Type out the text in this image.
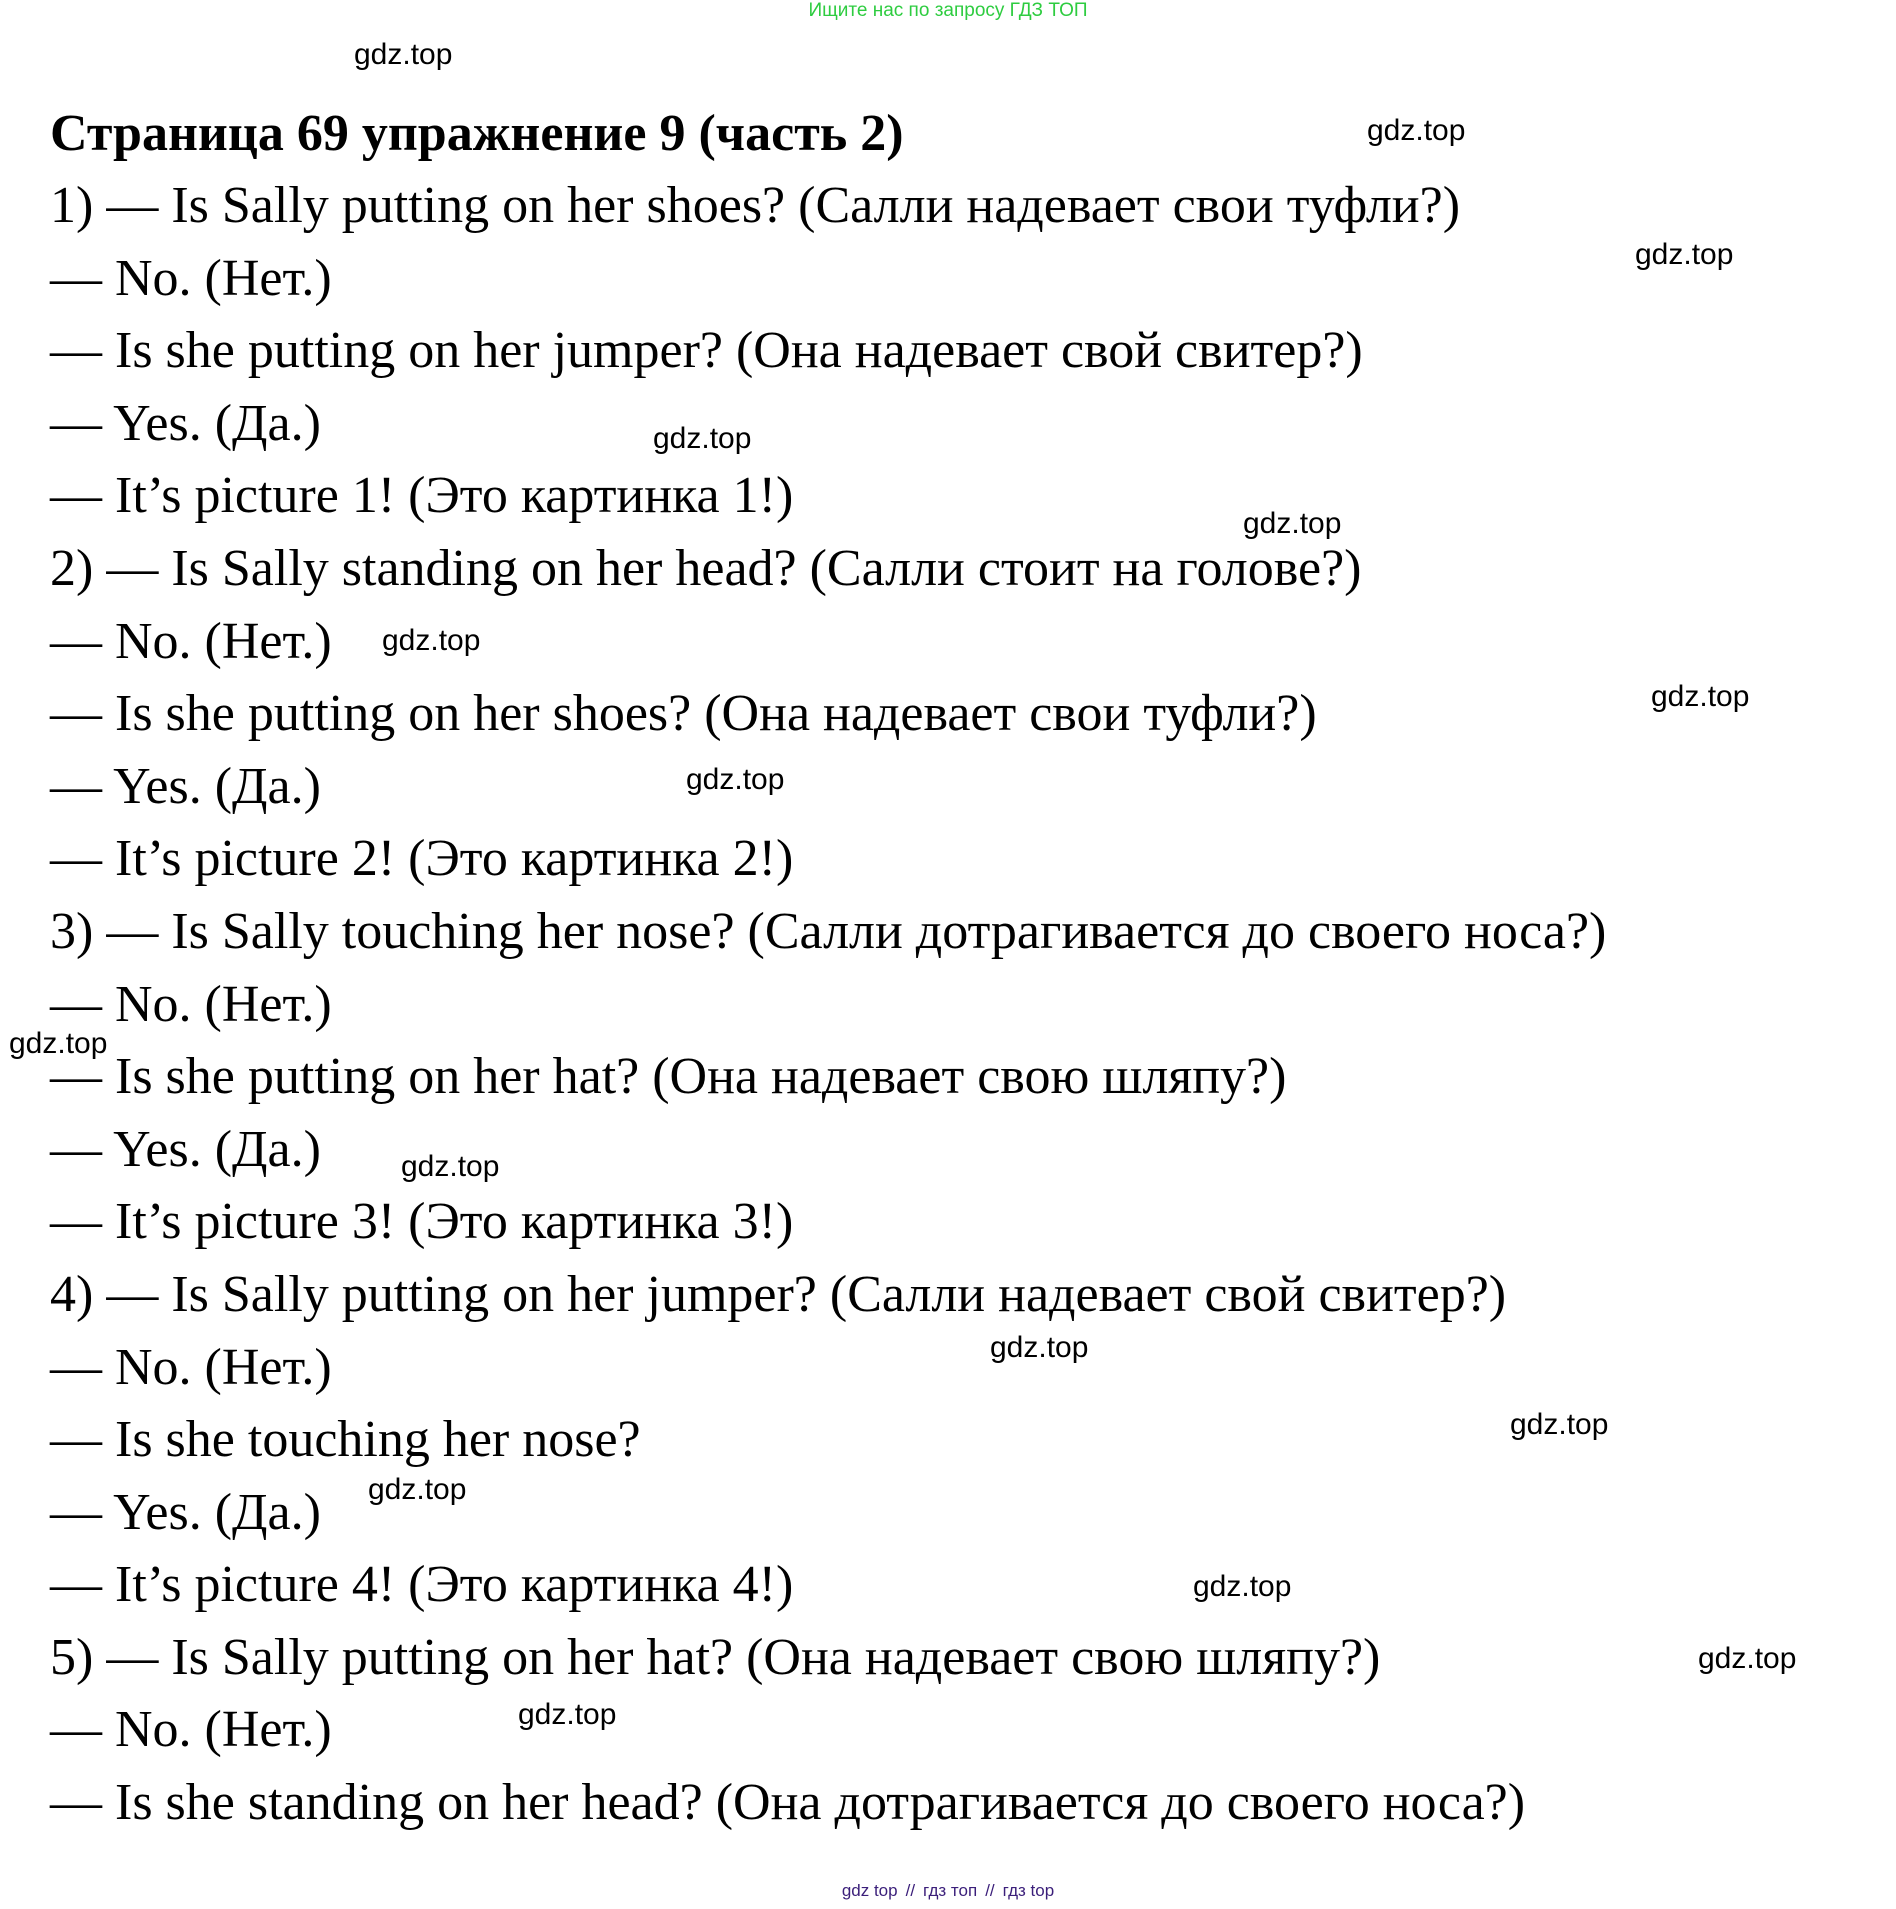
Ищите нас по запросу ГДЗ ТОП
Страница 69 упражнение 9 (часть 2)
1) — Is Sally putting on her shoes? (Салли надевает свои туфли?)
— No. (Нет.)
— Is she putting on her jumper? (Она надевает свой свитер?)
— Yes. (Да.)
— It’s picture 1! (Это картинка 1!)
2) — Is Sally standing on her head? (Салли стоит на голове?)
— No. (Нет.)
— Is she putting on her shoes? (Она надевает свои туфли?)
— Yes. (Да.)
— It’s picture 2! (Это картинка 2!)
3) — Is Sally touching her nose? (Салли дотрагивается до своего носа?)
— No. (Нет.)
— Is she putting on her hat? (Она надевает свою шляпу?)
— Yes. (Да.)
— It’s picture 3! (Это картинка 3!)
4) — Is Sally putting on her jumper? (Салли надевает свой свитер?)
— No. (Нет.)
— Is she touching her nose?
— Yes. (Да.)
— It’s picture 4! (Это картинка 4!)
5) — Is Sally putting on her hat? (Она надевает свою шляпу?)
— No. (Нет.)
— Is she standing on her head? (Она дотрагивается до своего носа?)
gdz.top
gdz.top
gdz.top
gdz.top
gdz.top
gdz.top
gdz.top
gdz.top
gdz.top
gdz.top
gdz.top
gdz.top
gdz.top
gdz.top
gdz.top
gdz.top
gdz top // гдз топ // гдз top
